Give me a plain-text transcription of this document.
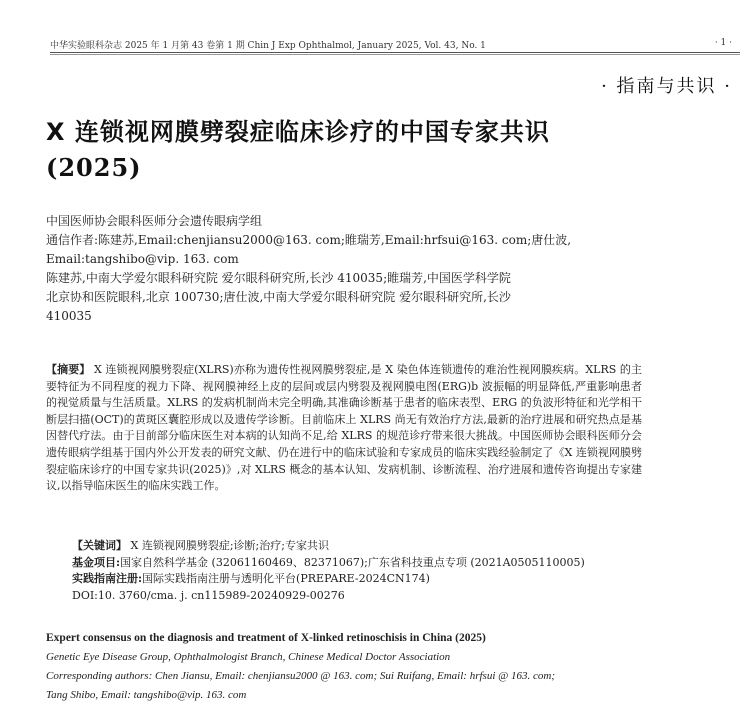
中华实验眼科杂志 2025 年 1 月第 43 卷第 1 期 Chin J Exp Ophthalmol, January 2025, Vol. 43, No. 1	· 1 ·
· 指南与共识 ·
X 连锁视网膜劈裂症临床诊疗的中国专家共识
(2025)
中国医师协会眼科医师分会遗传眼病学组
通信作者:陈建苏,Email:chenjiansu2000@163. com;睢瑞芳,Email:hrfsui@163. com;唐仕波,
Email:tangshibo@vip. 163. com
陈建苏,中南大学爱尔眼科研究院 爱尔眼科研究所,长沙 410035;睢瑞芳,中国医学科学院
北京协和医院眼科,北京 100730;唐仕波,中南大学爱尔眼科研究院 爱尔眼科研究所,长沙
410035
【摘要】 X 连锁视网膜劈裂症(XLRS)亦称为遗传性视网膜劈裂症,是 X 染色体连锁遗传的难治性视网膜疾病。XLRS 的主要特征为不同程度的视力下降、视网膜神经上皮的层间或层内劈裂及视网膜电图(ERG)b 波振幅的明显降低,严重影响患者的视觉质量与生活质量。XLRS 的发病机制尚未完全明确,其准确诊断基于患者的临床表型、ERG 的负波形特征和光学相干断层扫描(OCT)的黄斑区囊腔形成以及遗传学诊断。目前临床上 XLRS 尚无有效治疗方法,最新的治疗进展和研究热点是基因替代疗法。由于目前部分临床医生对本病的认知尚不足,给 XLRS 的规范诊疗带来很大挑战。中国医师协会眼科医师分会遗传眼病学组基于国内外公开发表的研究文献、仍在进行中的临床试验和专家成员的临床实践经验制定了《X 连锁视网膜劈裂症临床诊疗的中国专家共识(2025)》,对 XLRS 概念的基本认知、发病机制、诊断流程、治疗进展和遗传咨询提出专家建议,以指导临床医生的临床实践工作。
【关键词】 X 连锁视网膜劈裂症;诊断;治疗;专家共识
基金项目:国家自然科学基金 (32061160469、82371067);广东省科技重点专项 (2021A0505110005)
实践指南注册:国际实践指南注册与透明化平台(PREPARE-2024CN174)
DOI:10. 3760/cma. j. cn115989-20240929-00276
Expert consensus on the diagnosis and treatment of X-linked retinoschisis in China (2025)
Genetic Eye Disease Group, Ophthalmologist Branch, Chinese Medical Doctor Association
Corresponding authors: Chen Jiansu, Email: chenjiansu2000 @ 163. com; Sui Ruifang, Email: hrfsui @ 163. com;
Tang Shibo, Email: tangshibo@vip. 163. com
